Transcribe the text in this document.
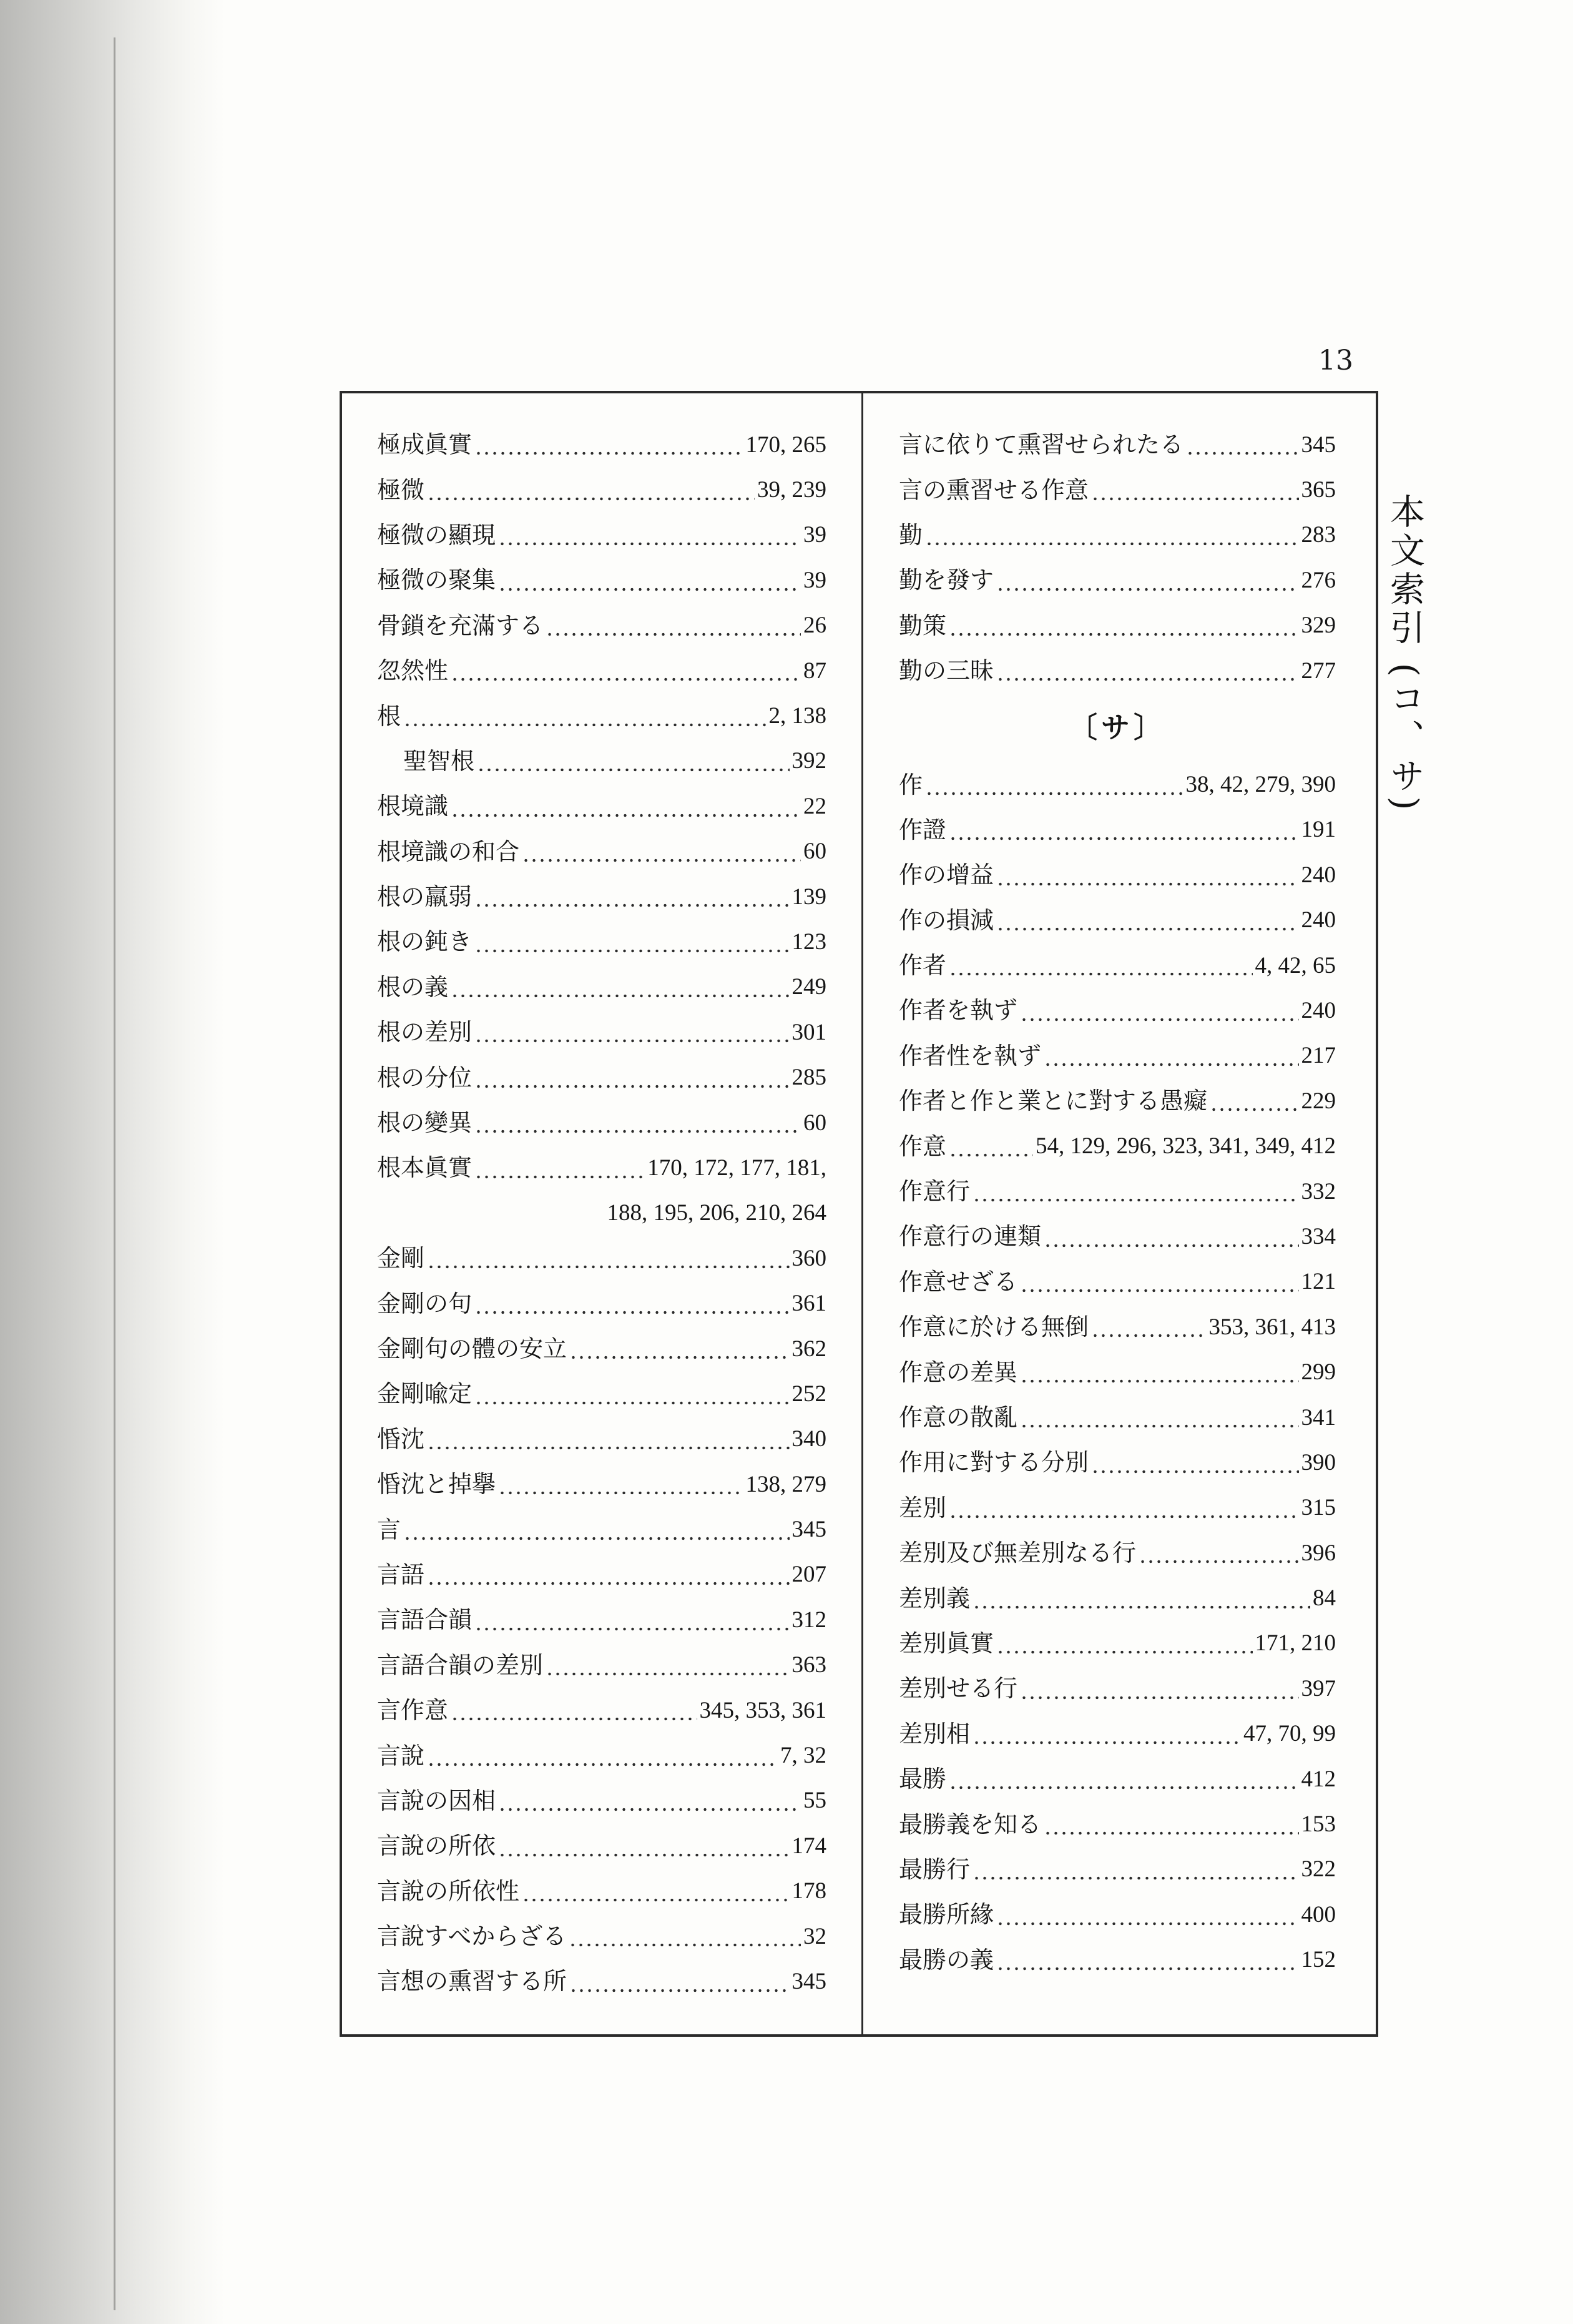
13
本文索引 (コ、サ)
極成眞實	170, 265
極微	39, 239
極微の顯現	39
極微の聚集	39
骨鎖を充滿する	26
忽然性	87
根	2, 138
聖智根	392
根境識	22
根境識の和合	60
根の羸弱	139
根の鈍き	123
根の義	249
根の差別	301
根の分位	285
根の變異	60
根本眞實	170, 172, 177, 181,
188, 195, 206, 210, 264
金剛	360
金剛の句	361
金剛句の體の安立	362
金剛喩定	252
惛沈	340
惛沈と掉擧	138, 279
言	345
言語	207
言語合韻	312
言語合韻の差別	363
言作意	345, 353, 361
言說	7, 32
言說の因相	55
言說の所依	174
言說の所依性	178
言說すべからざる	32
言想の熏習する所	345
言に依りて熏習せられたる	345
言の熏習せる作意	365
勤	283
勤を發す	276
勤策	329
勤の三昧	277
〔サ〕
作	38, 42, 279, 390
作證	191
作の增益	240
作の損減	240
作者	4, 42, 65
作者を執ず	240
作者性を執ず	217
作者と作と業とに對する愚癡	229
作意	54, 129, 296, 323, 341, 349, 412
作意行	332
作意行の連類	334
作意せざる	121
作意に於ける無倒	353, 361, 413
作意の差異	299
作意の散亂	341
作用に對する分別	390
差別	315
差別及び無差別なる行	396
差別義	84
差別眞實	171, 210
差別せる行	397
差別相	47, 70, 99
最勝	412
最勝義を知る	153
最勝行	322
最勝所緣	400
最勝の義	152
